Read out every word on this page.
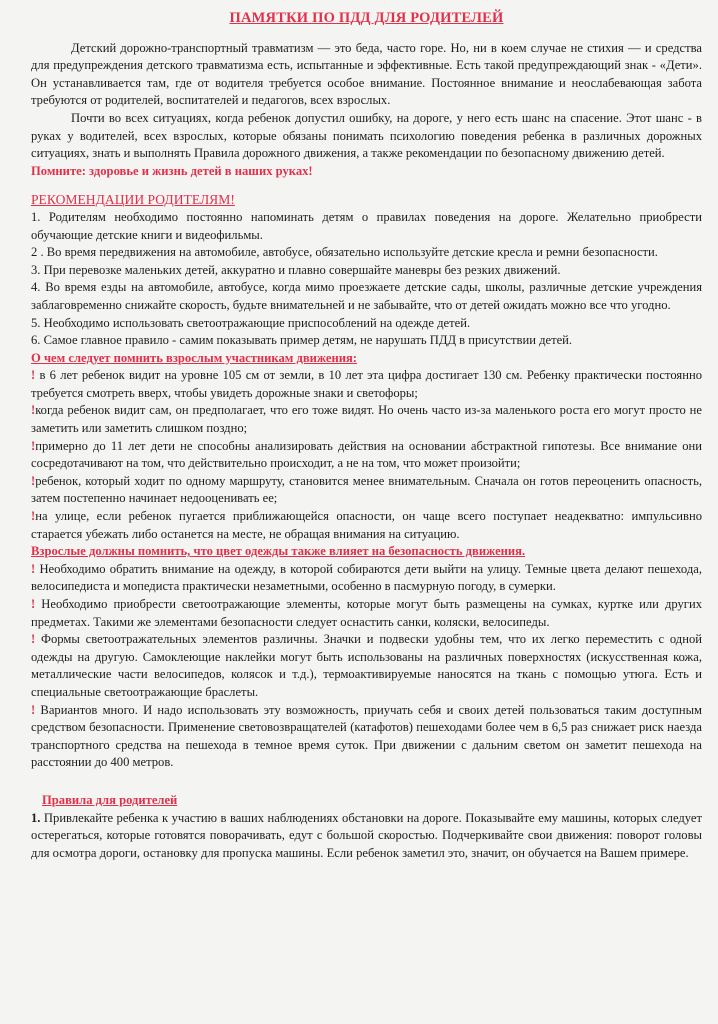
ПАМЯТКИ ПО ПДД ДЛЯ РОДИТЕЛЕЙ

Детский дорожно-транспортный травматизм — это беда, часто горе. Но, ни в коем случае не стихия — и средства для предупреждения детского травматизма есть, испытанные и эффективные. Есть такой предупреждающий знак - «Дети». Он устанавливается там, где от водителя требуется особое внимание. Постоянное внимание и неослабевающая забота требуются от родителей, воспитателей и педагогов, всех взрослых.

Почти во всех ситуациях, когда ребенок допустил ошибку, на дороге, у него есть шанс на спасение. Этот шанс - в руках у водителей, всех взрослых, которые обязаны понимать психологию поведения ребенка в различных дорожных ситуациях, знать и выполнять Правила дорожного движения, а также рекомендации по безопасному движению детей.

Помните: здоровье и жизнь детей в наших руках!

РЕКОМЕНДАЦИИ РОДИТЕЛЯМ!

1. Родителям необходимо постоянно напоминать детям о правилах поведения на дороге. Желательно приобрести обучающие детские книги и видеофильмы.

2 . Во время передвижения на автомобиле, автобусе, обязательно используйте детские кресла и ремни безопасности.

3. При перевозке маленьких детей, аккуратно и плавно совершайте маневры без резких движений.

4. Во время езды на автомобиле, автобусе, когда мимо проезжаете детские сады, школы, различные детские учреждения заблаговременно снижайте скорость, будьте внимательней и не забывайте, что от детей ожидать можно все что угодно.

5. Необходимо использовать светоотражающие приспособлений на одежде детей.

6. Самое главное правило - самим показывать пример детям, не нарушать ПДД в присутствии детей.

О чем следует помнить взрослым участникам движения:

! в 6 лет ребенок видит на уровне 105 см от земли, в 10 лет эта цифра достигает 130 см. Ребенку практически постоянно требуется смотреть вверх, чтобы увидеть дорожные знаки и светофоры;

!когда ребенок видит сам, он предполагает, что его тоже видят. Но очень часто из-за маленького роста его могут просто не заметить или заметить слишком поздно;

!примерно до 11 лет дети не способны анализировать действия на основании абстрактной гипотезы. Все внимание они сосредотачивают на том, что действительно происходит, а не на том, что может произойти;

!ребенок, который ходит по одному маршруту, становится менее внимательным. Сначала он готов переоценить опасность, затем постепенно начинает недооценивать ее;

!на улице, если ребенок пугается приближающейся опасности, он чаще всего поступает неадекватно: импульсивно старается убежать либо останется на месте, не обращая внимания на ситуацию.

Взрослые должны помнить, что цвет одежды также влияет на безопасность движения.

! Необходимо обратить внимание на одежду, в которой собираются дети выйти на улицу. Темные цвета делают пешехода, велосипедиста и мопедиста практически незаметными, особенно в пасмурную погоду, в сумерки.

! Необходимо приобрести светоотражающие элементы, которые могут быть размещены на сумках, куртке или других предметах. Такими же элементами безопасности следует оснастить санки, коляски, велосипеды.

! Формы светоотражательных элементов различны. Значки и подвески удобны тем, что их легко переместить с одной одежды на другую. Самоклеющие наклейки могут быть использованы на различных поверхностях (искусственная кожа, металлические части велосипедов, колясок и т.д.), термоактивируемые наносятся на ткань с помощью утюга. Есть и специальные светоотражающие браслеты.

! Вариантов много. И надо использовать эту возможность, приучать себя и своих детей пользоваться таким доступным средством безопасности. Применение световозвращателей (катафотов) пешеходами более чем в 6,5 раз снижает риск наезда транспортного средства на пешехода в темное время суток. При движении с дальним светом он заметит пешехода на расстоянии до 400 метров.

Правила для родителей

1. Привлекайте ребенка к участию в ваших наблюдениях обстановки на дороге. Показывайте ему машины, которых следует остерегаться, которые готовятся поворачивать, едут с большой скоростью. Подчеркивайте свои движения: поворот головы для осмотра дороги, остановку для пропуска машины. Если ребенок заметил это, значит, он обучается на Вашем примере.
